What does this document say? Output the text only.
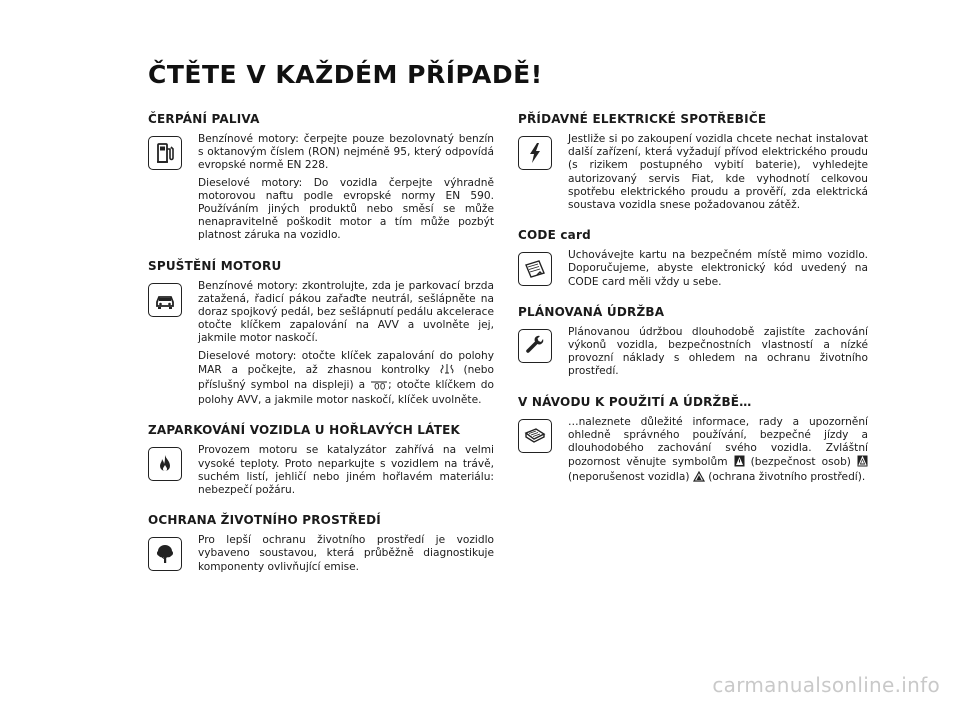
ČTĚTE V KAŽDÉM PŘÍPADĚ!
ČERPÁNÍ PALIVA

Benzínové motory: čerpejte pouze bezolovnatý benzín s oktanovým číslem (RON) nejméně 95, který odpovídá evropské normě EN 228.

Dieselové motory: Do vozidla čerpejte výhradně motorovou naftu podle evropské normy EN 590. Používáním jiných produktů nebo směsí se může nenapravitelně poškodit motor a tím může pozbýt platnost záruka na vozidlo.

SPUŠTĚNÍ MOTORU

Benzínové motory: zkontrolujte, zda je parkovací brzda zatažená, řadicí pákou zařaďte neutrál, sešlápněte na doraz spojkový pedál, bez sešlápnutí pedálu akcelerace otočte klíčkem zapalování na AVV a uvolněte jej, jakmile motor naskočí.

Dieselové motory: otočte klíček zapalování do polohy MAR a počkejte, až zhasnou kontrolky	(nebo příslušný symbol na displeji) a 00 ; otočte klíčkem do polohy AVV, a jakmile motor naskočí, klíček uvolněte.

ZAPARKOVÁNÍ VOZIDLA U HOŘLAVÝCH LÁTEK

Provozem motoru se katalyzátor zahřívá na velmi vysoké teploty. Proto neparkujte s vozidlem na trávě, suchém listí, jehličí nebo jiném hořlavém materiálu: nebezpečí požáru.

OCHRANA ŽIVOTNÍHO PROSTŘEDÍ

Pro lepší ochranu životního prostředí je vozidlo vybaveno soustavou, která průběžně diagnostikuje komponenty ovlivňující emise.

PŘÍDAVNÉ ELEKTRICKÉ SPOTŘEBIČE

Jestliže si po zakoupení vozidla chcete nechat instalovat další zařízení, která vyžadují přívod elektrického proudu (s rizikem postupného vybití baterie), vyhledejte autorizovaný servis Fiat, kde vyhodnotí celkovou spotřebu elektrického proudu a prověří, zda elektrická soustava vozidla snese požadovanou zátěž.

CODE card

Uchovávejte kartu na bezpečném místě mimo vozidlo. Doporučujeme, abyste elektronický kód uvedený na CODE card měli vždy u sebe.

PLÁNOVANÁ ÚDRŽBA

Plánovanou údržbou dlouhodobě zajistíte zachování výkonů vozidla, bezpečnostních vlastností a nízké provozní náklady s ohledem na ochranu životního prostředí.

V NÁVODU K POUŽITÍ A ÚDRŽBĚ…

…naleznete důležité informace, rady a upozornění ohledně správného používání, bezpečné jízdy a dlouhodobého zachování svého vozidla. Zvláštní pozornost věnujte symbolům (bezpečnost osob)  (neporušenost vozidla) (ochrana životního prostředí).

carmanualsonline.info
